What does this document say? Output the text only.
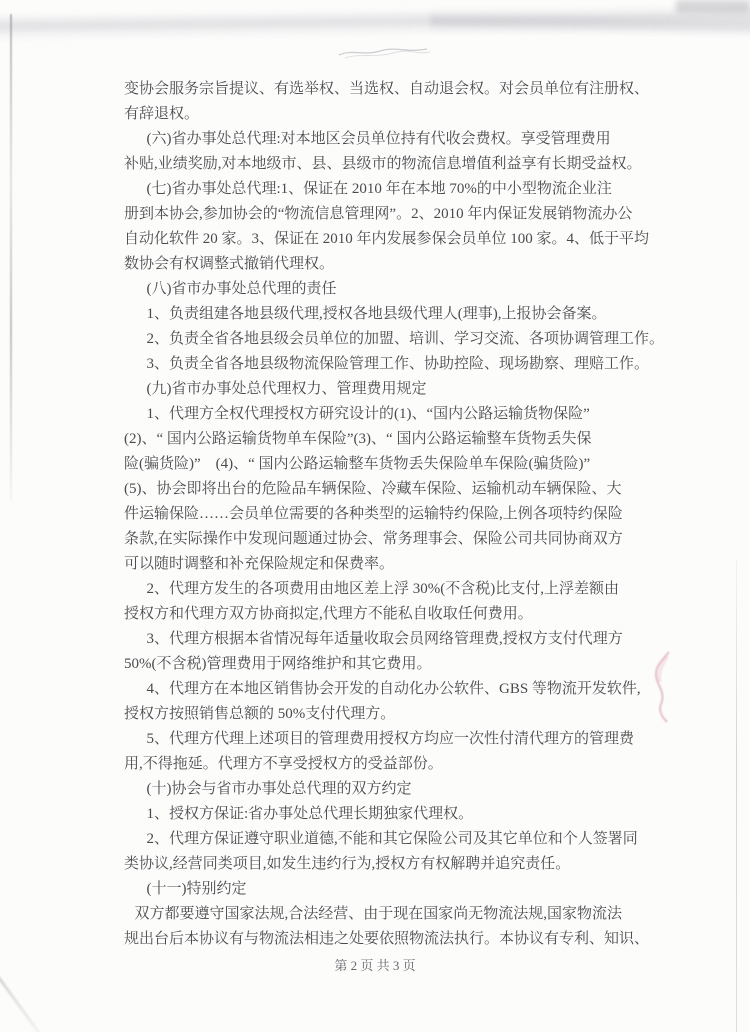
变协会服务宗旨提议、有选举权、当选权、自动退会权。对会员单位有注册权、

有辞退权。

(六)省办事处总代理:对本地区会员单位持有代收会费权。享受管理费用

补贴,业绩奖励,对本地级市、县、县级市的物流信息增值利益享有长期受益权。

(七)省办事处总代理:1、保证在 2010 年在本地 70%的中小型物流企业注

册到本协会,参加协会的“物流信息管理网”。2、2010 年内保证发展销物流办公

自动化软件 20 家。3、保证在 2010 年内发展参保会员单位 100 家。4、低于平均

数协会有权调整式撤销代理权。

(八)省市办事处总代理的责任

1、负责组建各地县级代理,授权各地县级代理人(理事),上报协会备案。

2、负责全省各地县级会员单位的加盟、培训、学习交流、各项协调管理工作。

3、负责全省各地县级物流保险管理工作、协助控险、现场勘察、理赔工作。

(九)省市办事处总代理权力、管理费用规定

1、代理方全权代理授权方研究设计的(1)、“国内公路运输货物保险”

(2)、“ 国内公路运输货物单车保险”(3)、“ 国内公路运输整车货物丢失保

险(骗货险)”　(4)、“ 国内公路运输整车货物丢失保险单车保险(骗货险)”

(5)、协会即将出台的危险品车辆保险、冷藏车保险、运输机动车辆保险、大

件运输保险……会员单位需要的各种类型的运输特约保险,上例各项特约保险

条款,在实际操作中发现问题通过协会、常务理事会、保险公司共同协商双方

可以随时调整和补充保险规定和保费率。

2、代理方发生的各项费用由地区差上浮 30%(不含税)比支付,上浮差额由

授权方和代理方双方协商拟定,代理方不能私自收取任何费用。

3、代理方根据本省情况每年适量收取会员网络管理费,授权方支付代理方

50%(不含税)管理费用于网络维护和其它费用。

4、代理方在本地区销售协会开发的自动化办公软件、GBS 等物流开发软件,

授权方按照销售总额的 50%支付代理方。

5、代理方代理上述项目的管理费用授权方均应一次性付清代理方的管理费

用,不得拖延。代理方不享受授权方的受益部份。

(十)协会与省市办事处总代理的双方约定

1、授权方保证:省办事处总代理长期独家代理权。

2、代理方保证遵守职业道德,不能和其它保险公司及其它单位和个人签署同

类协议,经营同类项目,如发生违约行为,授权方有权解聘并追究责任。

(十一)特别约定

双方都要遵守国家法规,合法经营、由于现在国家尚无物流法规,国家物流法

规出台后本协议有与物流法相违之处要依照物流法执行。本协议有专利、知识、

第 2 页 共 3 页
